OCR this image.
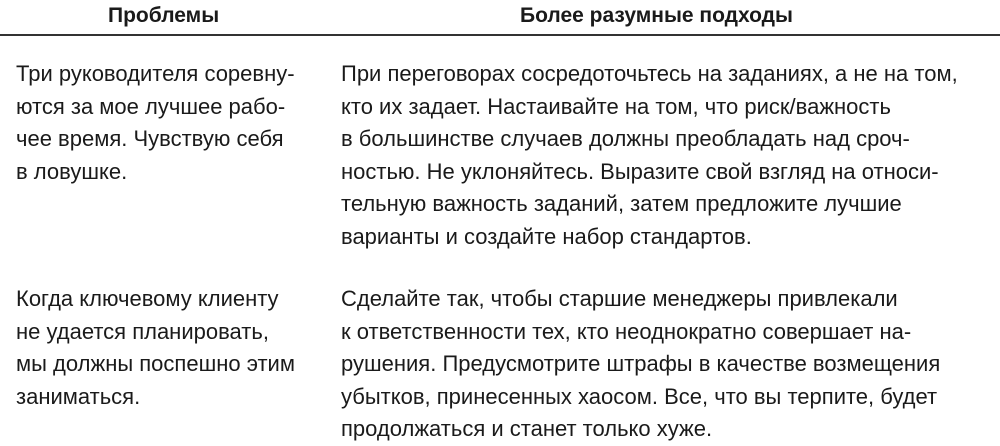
Проблемы	Более разумные подходы
Три руководителя соревну-
ются за мое лучшее рабо-
чее время. Чувствую себя
в ловушке.
При переговорах сосредоточьтесь на заданиях, а не на том,
кто их задает. Настаивайте на том, что риск/важность
в большинстве случаев должны преобладать над сроч-
ностью. Не уклоняйтесь. Выразите свой взгляд на относи-
тельную важность заданий, затем предложите лучшие
варианты и создайте набор стандартов.
Когда ключевому клиенту
не удается планировать,
мы должны поспешно этим
заниматься.
Сделайте так, чтобы старшие менеджеры привлекали
к ответственности тех, кто неоднократно совершает на-
рушения. Предусмотрите штрафы в качестве возмещения
убытков, принесенных хаосом. Все, что вы терпите, будет
продолжаться и станет только хуже.
